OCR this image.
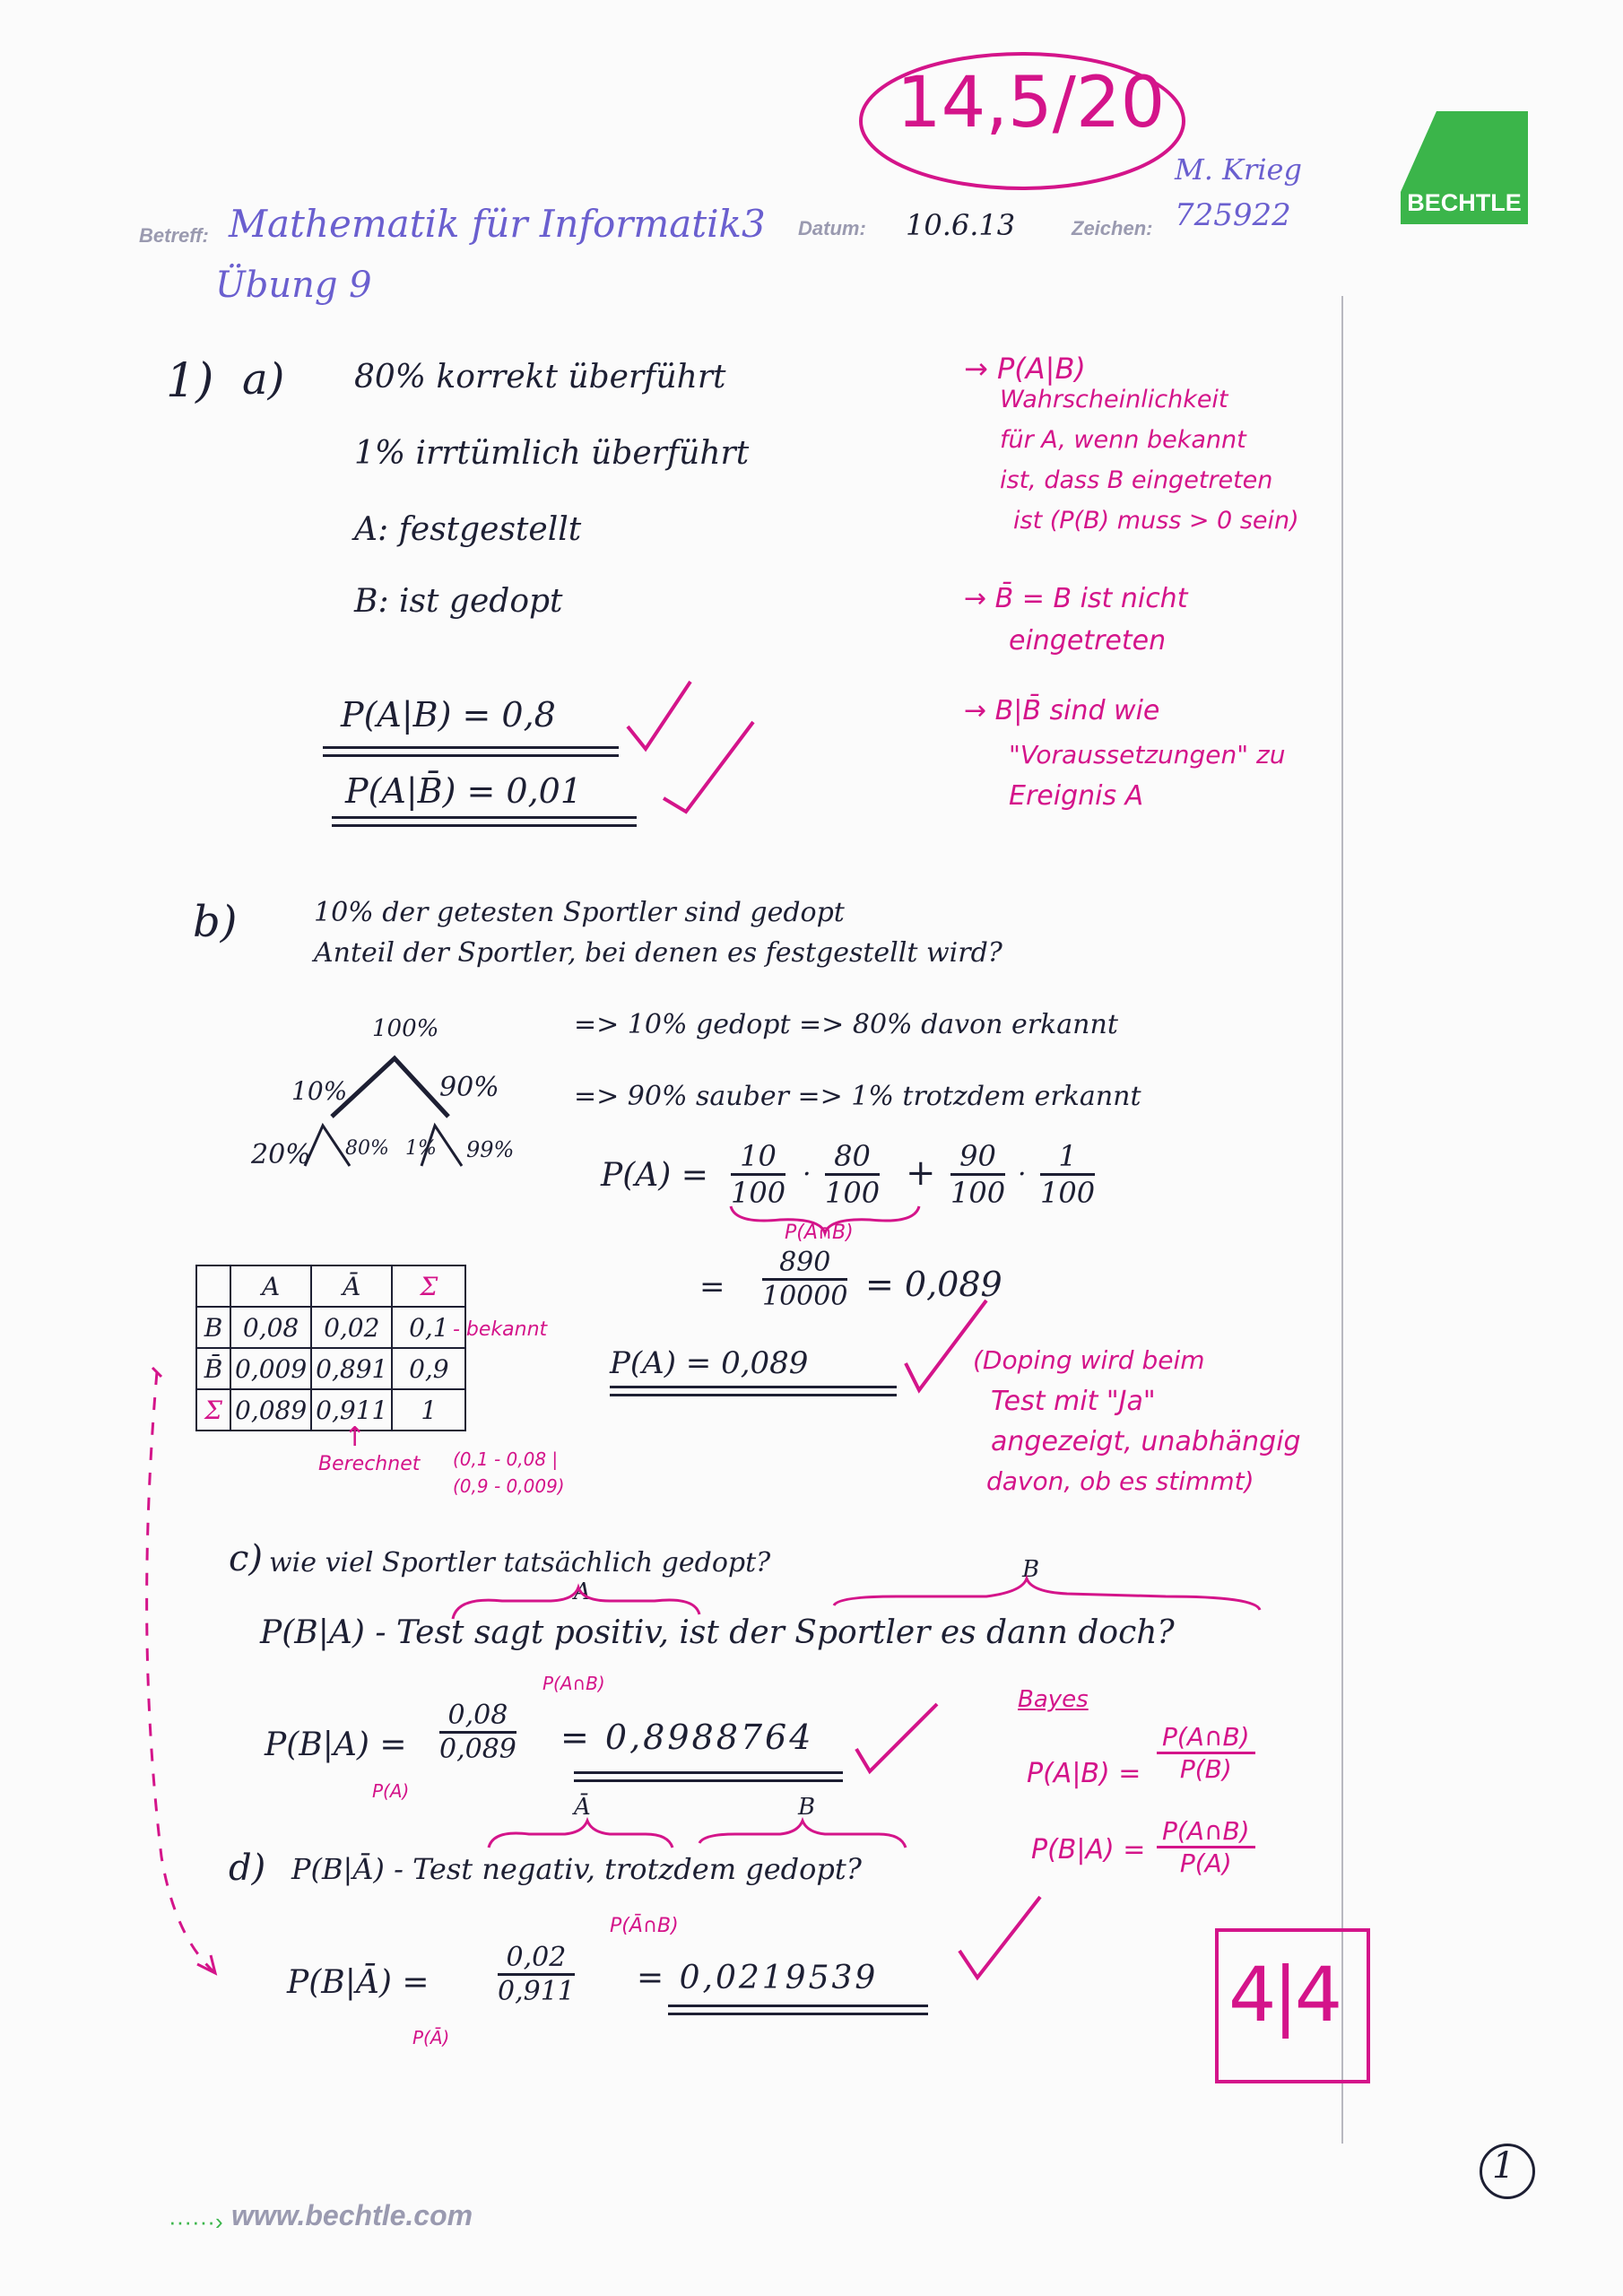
BECHTLE
14,5/20
Betreff: Mathematik für Informatik3
Übung 9
Datum: 10.6.13	Zeichen:
M. Krieg
725922
1) a) 80% korrekt überführt
1% irrtümlich überführt
A: festgestellt
B: ist gedopt
P(A|B) = 0,8
P(A|B̄) = 0,01
→ P(A|B)
Wahrscheinlichkeit
für A, wenn bekannt
ist, dass B eingetreten
ist (P(B) muss > 0 sein)
→ B̄ = B ist nicht
eingetreten
→ B|B̄ sind wie
"Voraussetzungen" zu
Ereignis A
b)	10% der getesten Sportler sind gedopt
Anteil der Sportler, bei denen es festgestellt wird?
100%
10%	90%
20% 80% 1% 99%
=> 10% gedopt => 80% davon erkannt
=> 90% sauber => 1% trotzdem erkannt
$P(A) = \frac{10}{100} \cdot \frac{80}{100} + \frac{90}{100} \cdot \frac{1}{100}$
P(A∩B)
= $\frac{890}{10000} = 0,089$
P(A) = 0,089	(Doping wird beim
Test mit "Ja"
angezeigt, unabhängig
davon, ob es stimmt)
	A	Ā	Σ
B	0,08	0,02	0,1
B̄	0,009	0,891	0,9
Σ	0,089	0,911	1
- bekannt
↑
Berechnet (0,1 - 0,08 |
(0,9 - 0,009)
c) wie viel Sportler tatsächlich gedopt?
A
B
P(B|A) - Test sagt positiv, ist der Sportler es dann doch?
P(A∩B)
$P(B|A) = \frac{0,08}{0,089}$
P(A)
= 0,8988764
Bayes
$P(A|B) = \frac{P(A\cap B)}{P(B)}$
$P(B|A) = \frac{P(A\cap B)}{P(A)}$
Ā	B
d) P(B|Ā) - Test negativ, trotzdem gedopt?
P(Ā∩B)
P(B|Ā) =	$\frac{0,02}{0,911}$
P(Ā)
= 0,0219539	4|4
1
······› www.bechtle.com
